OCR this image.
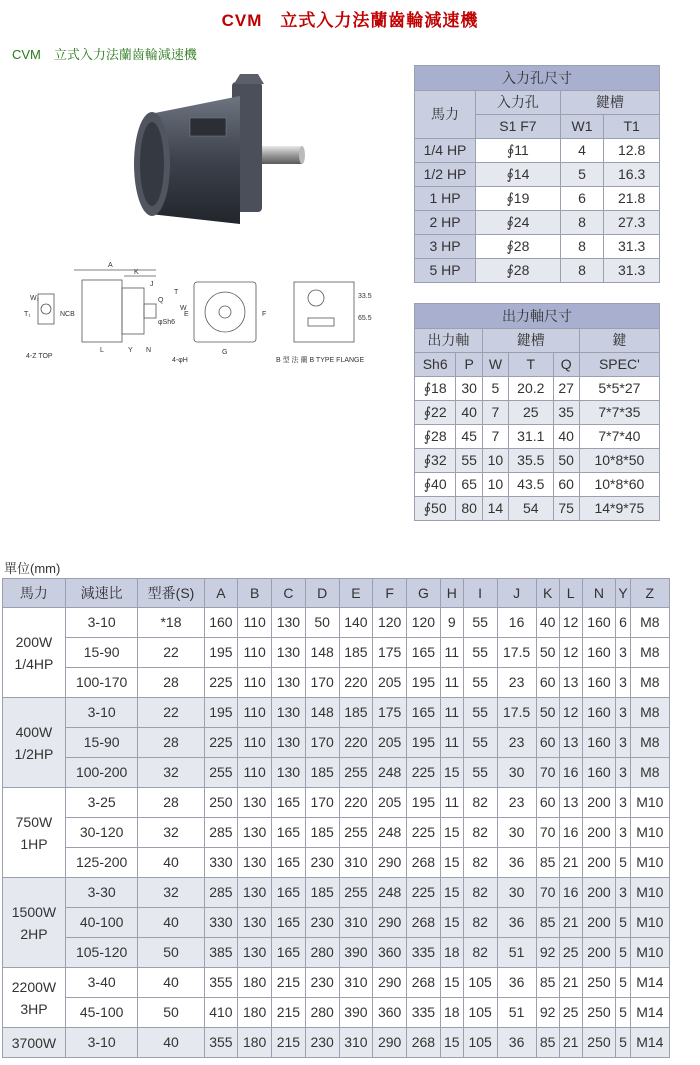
CVM　立式入力法蘭齒輪減速機
CVM　立式入力法蘭齒輪減速機
A
K
J
W₁
T₁	NCB
L	Y N
φSh6
Q
T
W
E	F
G
4-Z TOP
4-φH
33.5
65.5
B 型 法 蘭 B TYPE FLANGE
入力孔尺寸			
馬力	入力孔	鍵槽	
	S1 F7	W1	T1
1/4 HP	∮11	4	12.8
1/2 HP	∮14	5	16.3
1 HP	∮19	6	21.8
2 HP	∮24	8	27.3
3 HP	∮28	8	31.3
5 HP	∮28	8	31.3
出力軸尺寸					
出力軸		鍵槽			鍵
Sh6	P	W	T	Q	SPEC'
∮18	30	5	20.2	27	5*5*27
∮22	40	7	25	35	7*7*35
∮28	45	7	31.1	40	7*7*40
∮32	55	10	35.5	50	10*8*50
∮40	65	10	43.5	60	10*8*60
∮50	80	14	54	75	14*9*75
單位(mm)
馬力	減速比	型番(S)	A	B	C	D	E	F	G	H	I	J	K	L	N	Y	Z

200W
1/4HP	3-10	*18	160	110	130	50	140	120	120	9	55	16	40	12	160	6	M8
	15-90	22	195	110	130	148	185	175	165	11	55	17.5	50	12	160	3	M8
	100-170	28	225	110	130	170	220	205	195	11	55	23	60	13	160	3	M8

400W
1/2HP	3-10	22	195	110	130	148	185	175	165	11	55	17.5	50	12	160	3	M8
	15-90	28	225	110	130	170	220	205	195	11	55	23	60	13	160	3	M8
	100-200	32	255	110	130	185	255	248	225	15	55	30	70	16	160	3	M8

750W
1HP	3-25	28	250	130	165	170	220	205	195	11	82	23	60	13	200	3	M10
	30-120	32	285	130	165	185	255	248	225	15	82	30	70	16	200	3	M10
	125-200	40	330	130	165	230	310	290	268	15	82	36	85	21	200	5	M10

1500W
2HP	3-30	32	285	130	165	185	255	248	225	15	82	30	70	16	200	3	M10
	40-100	40	330	130	165	230	310	290	268	15	82	36	85	21	200	5	M10
	105-120	50	385	130	165	280	390	360	335	18	82	51	92	25	200	5	M10

2200W
3HP	3-40	40	355	180	215	230	310	290	268	15	105	36	85	21	250	5	M14
	45-100	50	410	180	215	280	390	360	335	18	105	51	92	25	250	5	M14

3700W	3-10	40	355	180	215	230	310	290	268	15	105	36	85	21	250	5	M14
